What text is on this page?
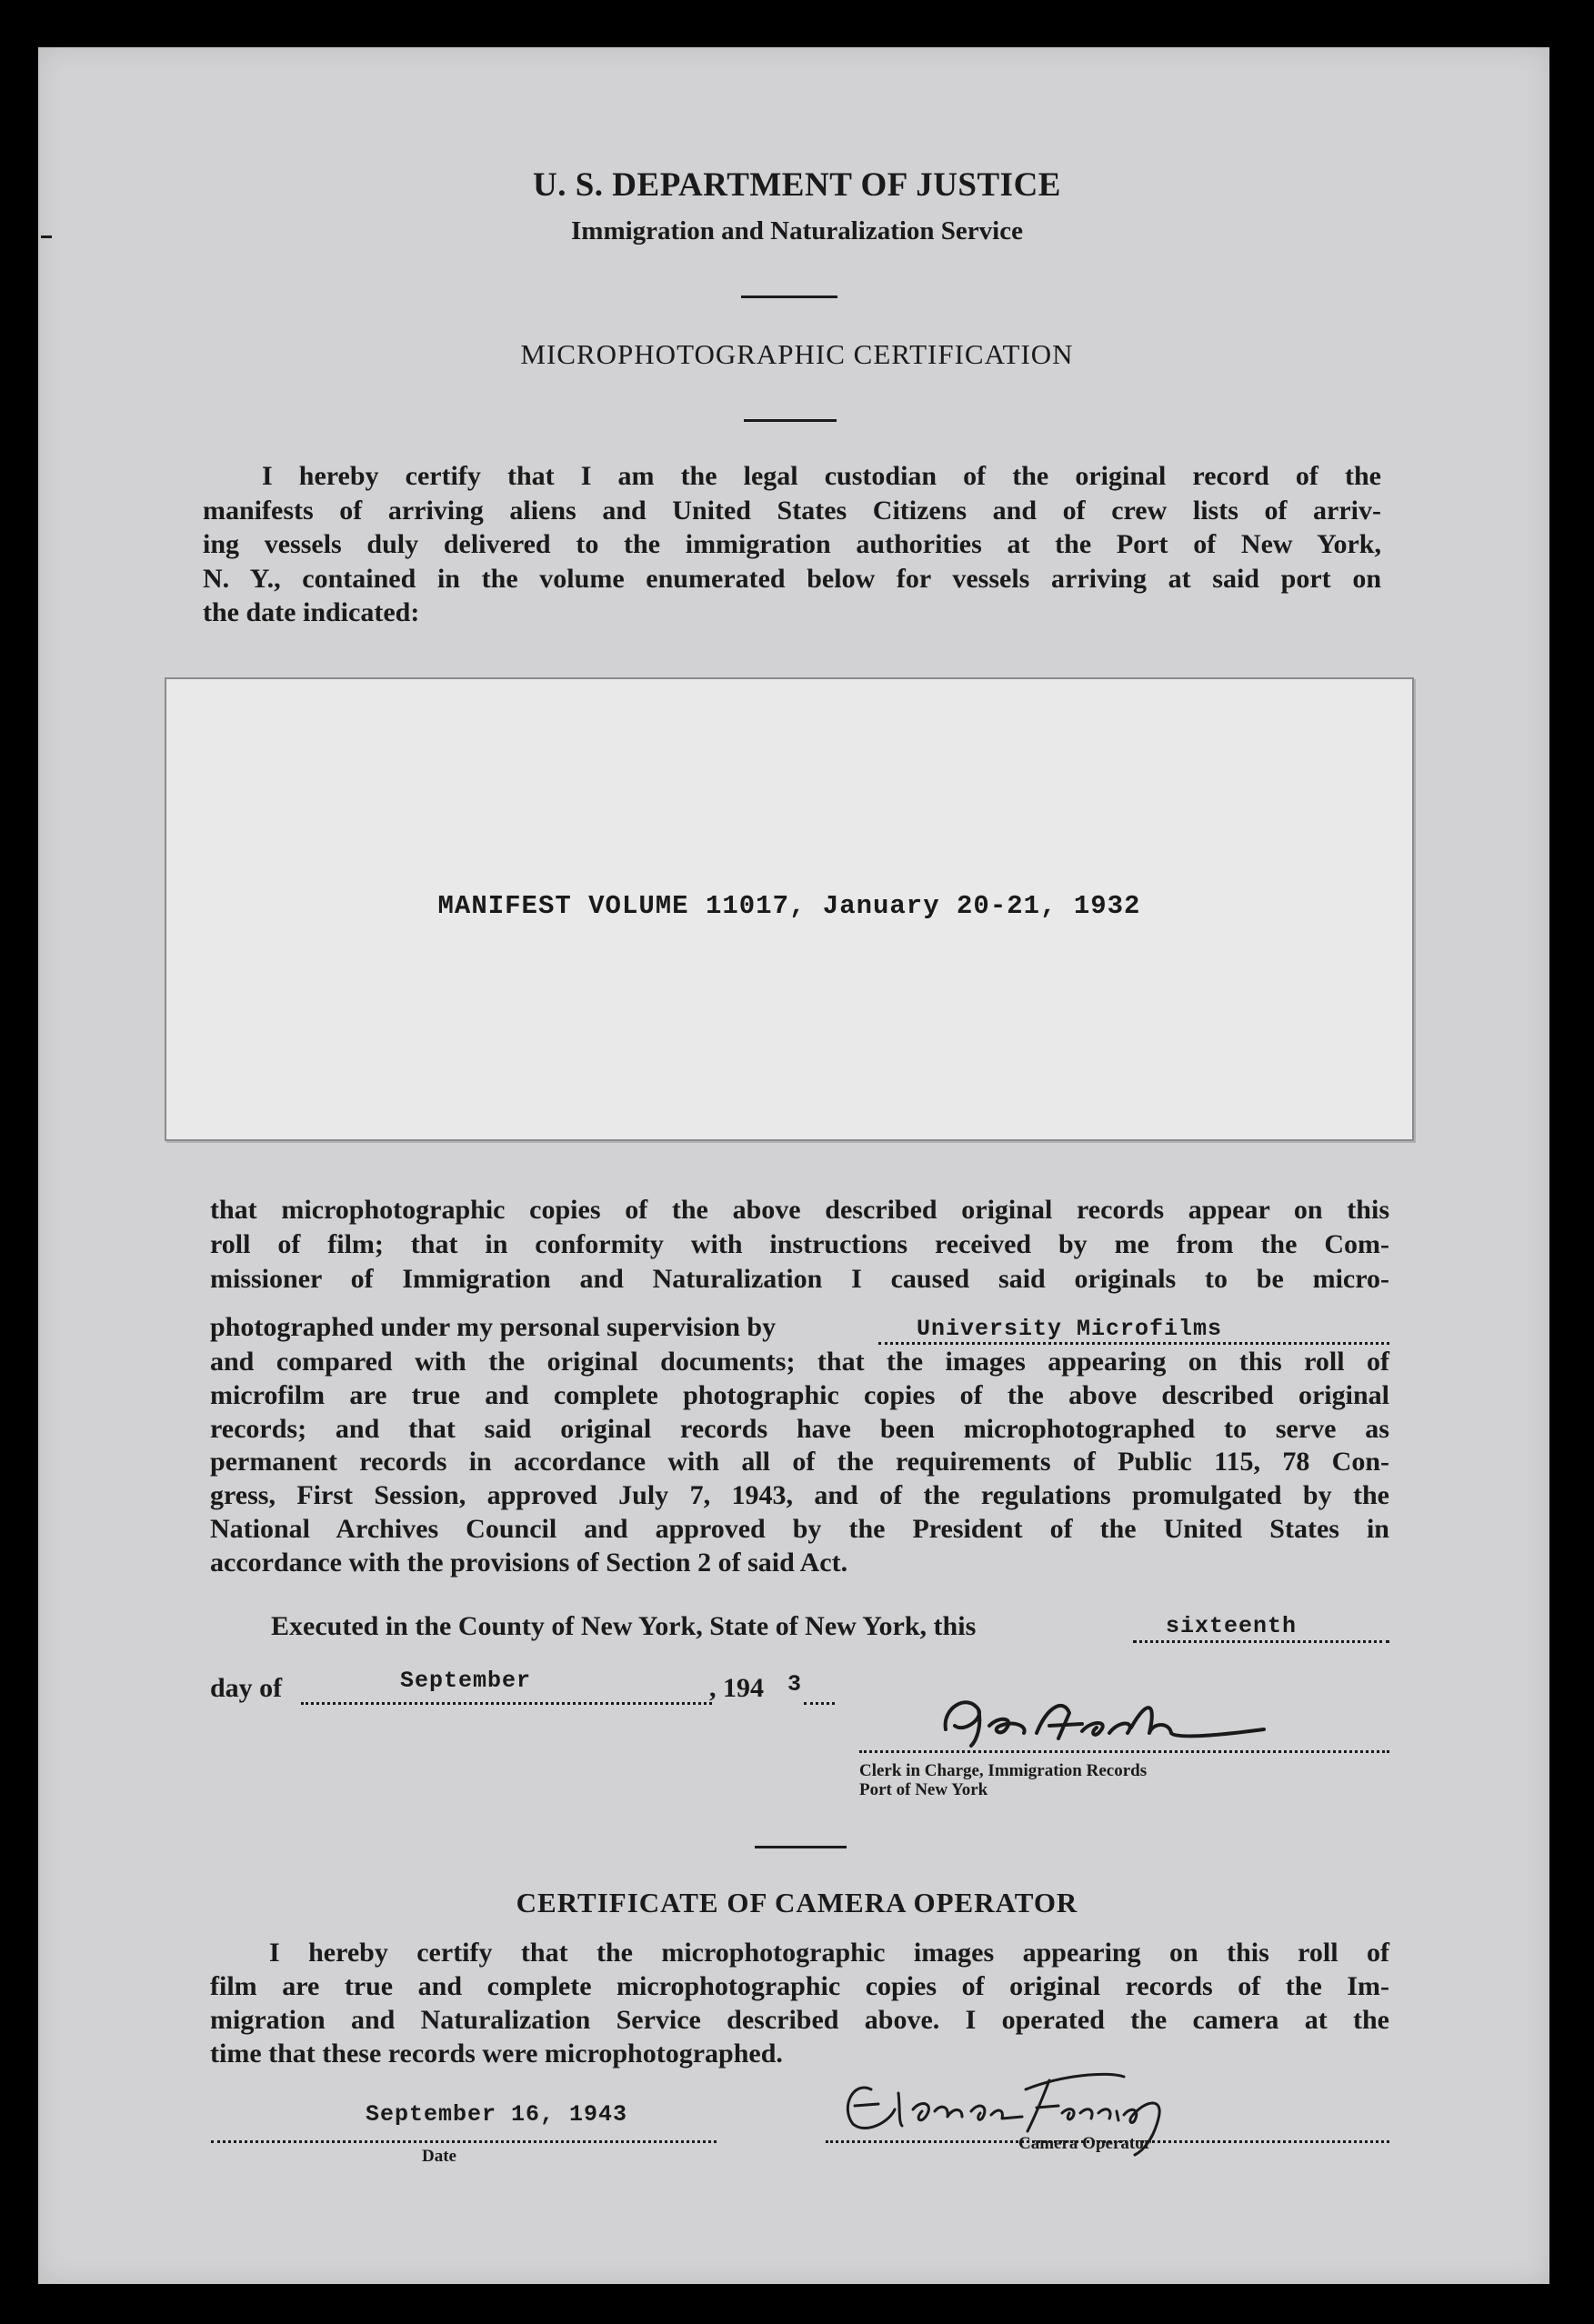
U. S. DEPARTMENT OF JUSTICE
Immigration and Naturalization Service
MICROPHOTOGRAPHIC CERTIFICATION
I hereby certify that I am the legal custodian of the original record of the
manifests of arriving aliens and United States Citizens and of crew lists of arriv-
ing vessels duly delivered to the immigration authorities at the Port of New York,
N. Y., contained in the volume enumerated below for vessels arriving at said port on
the date indicated:
MANIFEST VOLUME 11017, January 20-21, 1932
that microphotographic copies of the above described original records appear on this
roll of film; that in conformity with instructions received by me from the Com-
missioner of Immigration and Naturalization I caused said originals to be micro-
photographed under my personal supervision by	University Microfilms
and compared with the original documents; that the images appearing on this roll of
microfilm are true and complete photographic copies of the above described original
records; and that said original records have been microphotographed to serve as
permanent records in accordance with all of the requirements of Public 115, 78 Con-
gress, First Session, approved July 7, 1943, and of the regulations promulgated by the
National Archives Council and approved by the President of the United States in
accordance with the provisions of Section 2 of said Act.
Executed in the County of New York, State of New York, this	sixteenth
day of	September	, 194 3
Clerk in Charge, Immigration Records
Port of New York
CERTIFICATE OF CAMERA OPERATOR
I hereby certify that the microphotographic images appearing on this roll of
film are true and complete microphotographic copies of original records of the Im-
migration and Naturalization Service described above. I operated the camera at the
time that these records were microphotographed.
September 16, 1943
Date
Camera Operator
